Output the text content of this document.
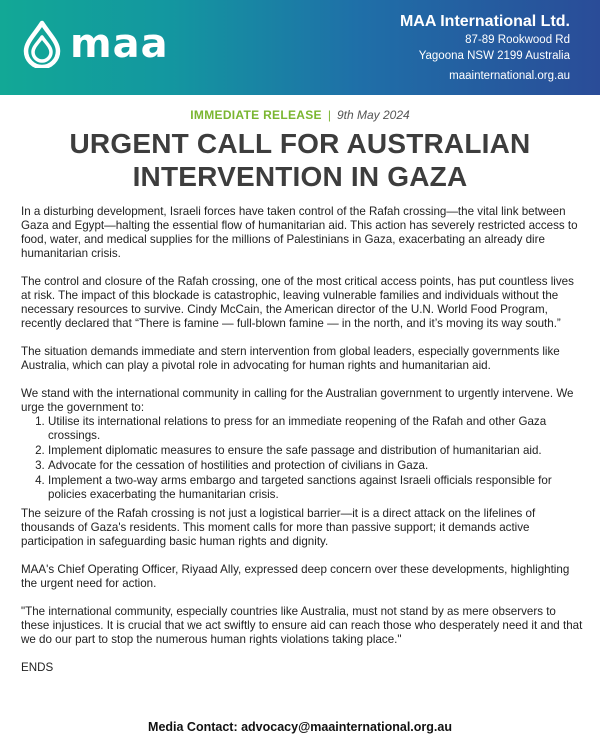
maa	MAA International Ltd.
87-89 Rookwood Rd
Yagoona NSW 2199 Australia
maainternational.org.au
IMMEDIATE RELEASE | 9th May 2024
URGENT CALL FOR AUSTRALIAN
INTERVENTION IN GAZA

In a disturbing development, Israeli forces have taken control of the Rafah crossing—the vital link between Gaza and Egypt—halting the essential flow of humanitarian aid. This action has severely restricted access to food, water, and medical supplies for the millions of Palestinians in Gaza, exacerbating an already dire humanitarian crisis.

The control and closure of the Rafah crossing, one of the most critical access points, has put countless lives at risk. The impact of this blockade is catastrophic, leaving vulnerable families and individuals without the necessary resources to survive. Cindy McCain, the American director of the U.N. World Food Program, recently declared that “There is famine — full-blown famine — in the north, and it’s moving its way south.”

The situation demands immediate and stern intervention from global leaders, especially governments like Australia, which can play a pivotal role in advocating for human rights and humanitarian aid.

We stand with the international community in calling for the Australian government to urgently intervene. We urge the government to:

1. Utilise its international relations to press for an immediate reopening of the Rafah and other Gaza crossings.
2. Implement diplomatic measures to ensure the safe passage and distribution of humanitarian aid.
3. Advocate for the cessation of hostilities and protection of civilians in Gaza.
4. Implement a two-way arms embargo and targeted sanctions against Israeli officials responsible for policies exacerbating the humanitarian crisis.

The seizure of the Rafah crossing is not just a logistical barrier—it is a direct attack on the lifelines of thousands of Gaza's residents. This moment calls for more than passive support; it demands active participation in safeguarding basic human rights and dignity.

MAA's Chief Operating Officer, Riyaad Ally, expressed deep concern over these developments, highlighting the urgent need for action.

"The international community, especially countries like Australia, must not stand by as mere observers to these injustices. It is crucial that we act swiftly to ensure aid can reach those who desperately need it and that we do our part to stop the numerous human rights violations taking place."

ENDS

Media Contact: advocacy@maainternational.org.au
